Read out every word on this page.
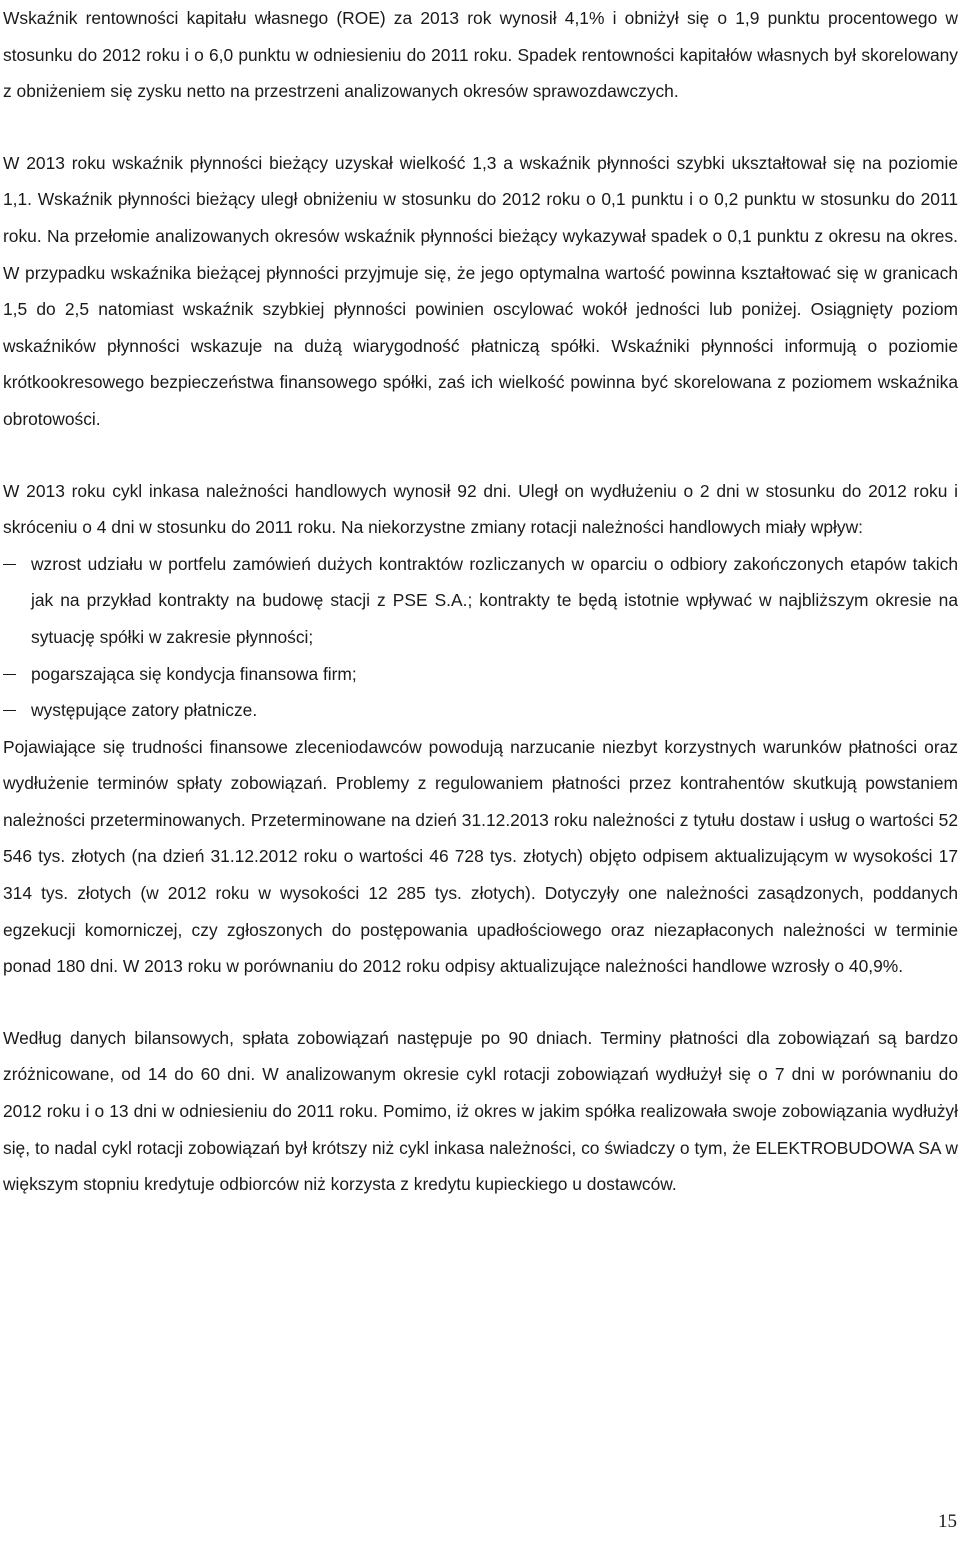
Wskaźnik rentowności kapitału własnego (ROE) za 2013 rok wynosił 4,1% i obniżył się o 1,9 punktu procentowego w stosunku do 2012 roku i o 6,0 punktu w odniesieniu do 2011 roku. Spadek rentowności kapitałów własnych był skorelowany z obniżeniem się zysku netto na przestrzeni analizowanych okresów sprawozdawczych.

W 2013 roku wskaźnik płynności bieżący uzyskał wielkość 1,3 a wskaźnik płynności szybki ukształtował się na poziomie 1,1. Wskaźnik płynności bieżący uległ obniżeniu w stosunku do 2012 roku o 0,1 punktu i o 0,2 punktu w stosunku do 2011 roku. Na przełomie analizowanych okresów wskaźnik płynności bieżący wykazywał spadek o 0,1 punktu z okresu na okres. W przypadku wskaźnika bieżącej płynności przyjmuje się, że jego optymalna wartość powinna kształtować się w granicach 1,5 do 2,5 natomiast wskaźnik szybkiej płynności powinien oscylować wokół jedności lub poniżej. Osiągnięty poziom wskaźników płynności wskazuje na dużą wiarygodność płatniczą spółki. Wskaźniki płynności informują o poziomie krótkookresowego bezpieczeństwa finansowego spółki, zaś ich wielkość powinna być skorelowana z poziomem wskaźnika obrotowości.

W 2013 roku cykl inkasa należności handlowych wynosił 92 dni. Uległ on wydłużeniu o 2 dni w stosunku do 2012 roku i skróceniu o 4 dni w stosunku do 2011 roku. Na niekorzystne zmiany rotacji należności handlowych miały wpływ:

wzrost udziału w portfelu zamówień dużych kontraktów rozliczanych w oparciu o odbiory zakończonych etapów takich jak na przykład kontrakty na budowę stacji z PSE S.A.; kontrakty te będą istotnie wpływać w najbliższym okresie na sytuację spółki w zakresie płynności;
pogarszająca się kondycja finansowa firm;
występujące zatory płatnicze.

Pojawiające się trudności finansowe zleceniodawców powodują narzucanie niezbyt korzystnych warunków płatności oraz wydłużenie terminów spłaty zobowiązań. Problemy z regulowaniem płatności przez kontrahentów skutkują powstaniem należności przeterminowanych. Przeterminowane na dzień 31.12.2013 roku należności z tytułu dostaw i usług o wartości 52 546 tys. złotych (na dzień 31.12.2012 roku o wartości 46 728 tys. złotych) objęto odpisem aktualizującym w wysokości 17 314 tys. złotych (w 2012 roku w wysokości 12 285 tys. złotych). Dotyczyły one należności zasądzonych, poddanych egzekucji komorniczej, czy zgłoszonych do postępowania upadłościowego oraz niezapłaconych należności w terminie ponad 180 dni. W 2013 roku w porównaniu do 2012 roku odpisy aktualizujące należności handlowe wzrosły o 40,9%.

Według danych bilansowych, spłata zobowiązań następuje po 90 dniach. Terminy płatności dla zobowiązań są bardzo zróżnicowane, od 14 do 60 dni. W analizowanym okresie cykl rotacji zobowiązań wydłużył się o 7 dni w porównaniu do 2012 roku i o 13 dni w odniesieniu do 2011 roku. Pomimo, iż okres w jakim spółka realizowała swoje zobowiązania wydłużył się, to nadal cykl rotacji zobowiązań był krótszy niż cykl inkasa należności, co świadczy o tym, że ELEKTROBUDOWA SA w większym stopniu kredytuje odbiorców niż korzysta z kredytu kupieckiego u dostawców.

15
